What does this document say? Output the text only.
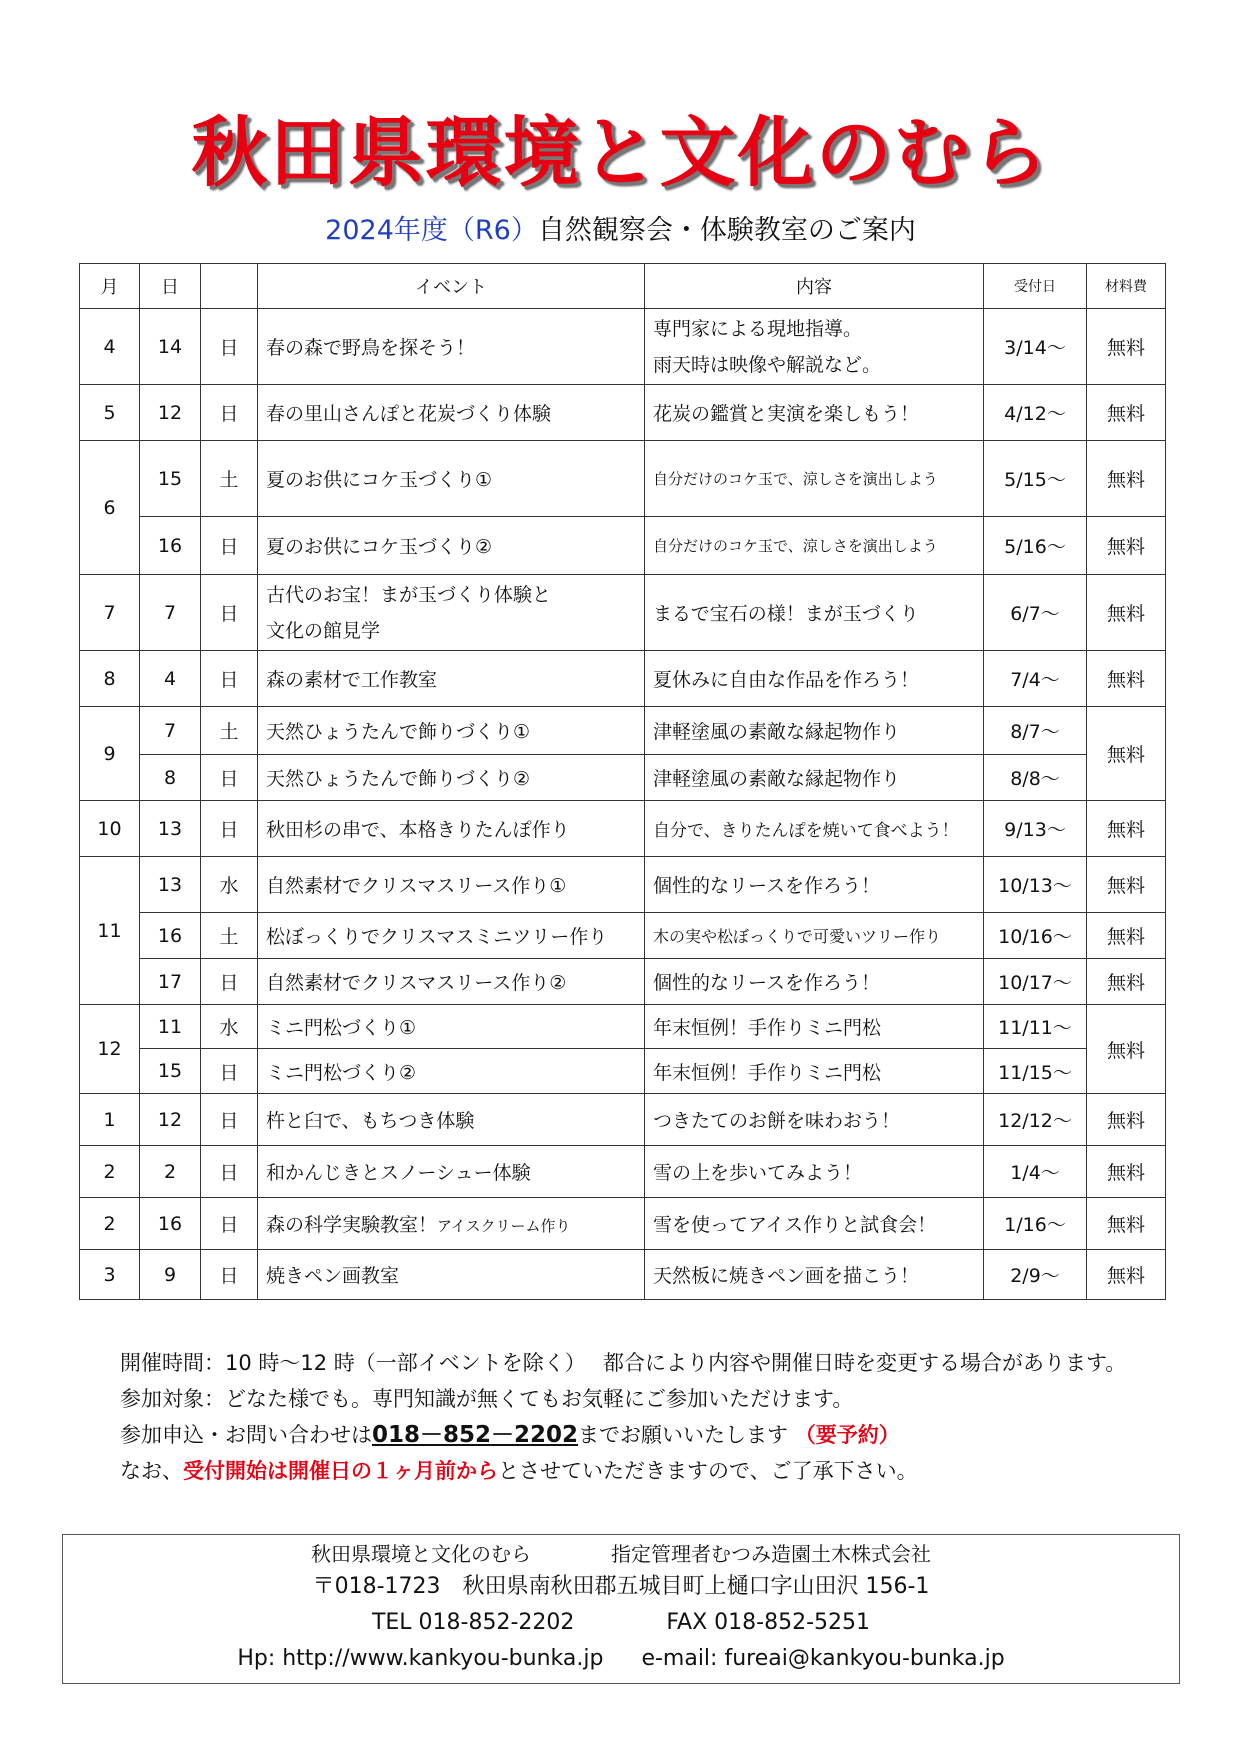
秋田県環境と文化のむら
2024年度（R6）自然観察会・体験教室のご案内
月	日		イベント	内容	受付日	材料費
4	14	日	春の森で野鳥を探そう！	専門家による現地指導。
雨天時は映像や解説など。	3/14～	無料
5	12	日	春の里山さんぽと花炭づくり体験	花炭の鑑賞と実演を楽しもう！	4/12～	無料
6	15	土	夏のお供にコケ玉づくり①	自分だけのコケ玉で、涼しさを演出しよう	5/15～	無料
	16	日	夏のお供にコケ玉づくり②	自分だけのコケ玉で、涼しさを演出しよう	5/16～	無料
7	7	日	古代のお宝！まが玉づくり体験と
文化の館見学	まるで宝石の様！まが玉づくり	6/7～	無料
8	4	日	森の素材で工作教室	夏休みに自由な作品を作ろう！	7/4～	無料
9	7	土	天然ひょうたんで飾りづくり①	津軽塗風の素敵な縁起物作り	8/7～	無料
	8	日	天然ひょうたんで飾りづくり②	津軽塗風の素敵な縁起物作り	8/8～	
10	13	日	秋田杉の串で、本格きりたんぽ作り	自分で、きりたんぽを焼いて食べよう！	9/13～	無料
11	13	水	自然素材でクリスマスリース作り①	個性的なリースを作ろう！	10/13～	無料
	16	土	松ぼっくりでクリスマスミニツリー作り	木の実や松ぼっくりで可愛いツリー作り	10/16～	無料
	17	日	自然素材でクリスマスリース作り②	個性的なリースを作ろう！	10/17～	無料
12	11	水	ミニ門松づくり①	年末恒例！手作りミニ門松	11/11～	無料
	15	日	ミニ門松づくり②	年末恒例！手作りミニ門松	11/15～	
1	12	日	杵と臼で、もちつき体験	つきたてのお餅を味わおう！	12/12～	無料
2	2	日	和かんじきとスノーシュー体験	雪の上を歩いてみよう！	1/4～	無料
2	16	日	森の科学実験教室！アイスクリーム作り	雪を使ってアイス作りと試食会！	1/16～	無料
3	9	日	焼きペン画教室	天然板に焼きペン画を描こう！	2/9～	無料
開催時間：10 時～12 時（一部イベントを除く）　 都合により内容や開催日時を変更する場合があります。
参加対象：どなた様でも。専門知識が無くてもお気軽にご参加いただけます。
参加申込・お問い合わせは018－852－2202までお願いいたします （要予約）
なお、受付開始は開催日の１ヶ月前からとさせていただきますので、ご了承下さい。
秋田県環境と文化のむら	指定管理者むつみ造園土木株式会社
〒018-1723　秋田県南秋田郡五城目町上樋口字山田沢 156-1
TEL 018-852-2202	FAX 018-852-5251
Hp: http://www.kankyou-bunka.jp e-mail: fureai@kankyou-bunka.jp
